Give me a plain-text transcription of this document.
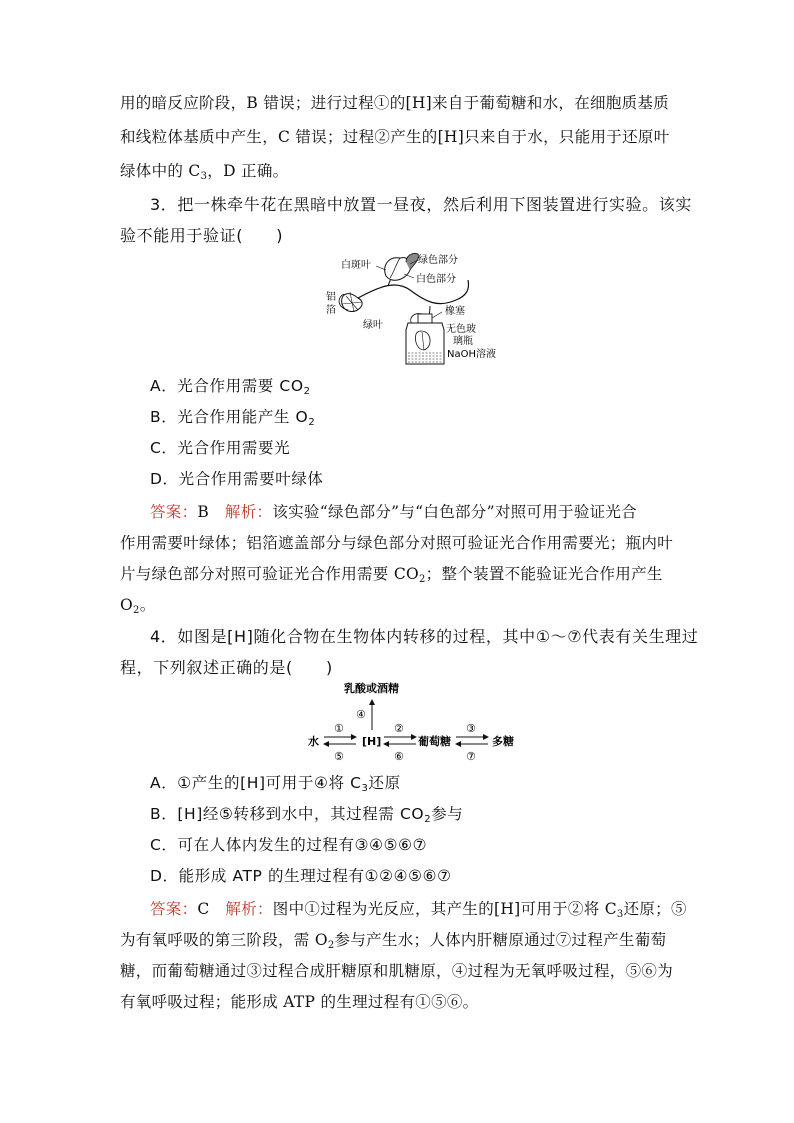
用的暗反应阶段，B 错误；进行过程①的[H]来自于葡萄糖和水，在细胞质基质
和线粒体基质中产生，C 错误；过程②产生的[H]只来自于水，只能用于还原叶
绿体中的 $C_3$，D 正确。
3．把一株牵牛花在黑暗中放置一昼夜，然后利用下图装置进行实验。该实
验不能用于验证(　　)
白斑叶	绿色部分
白色部分
铝
箔
绿叶
橡塞
无色玻
璃瓶
NaOH溶液
A．光合作用需要 $CO_2$
B．光合作用能产生 $O_2$
C．光合作用需要光
D．光合作用需要叶绿体
答案：B　 解析：该实验“绿色部分”与“白色部分”对照可用于验证光合
作用需要叶绿体；铝箔遮盖部分与绿色部分对照可验证光合作用需要光；瓶内叶
片与绿色部分对照可验证光合作用需要 $CO_2$；整个装置不能验证光合作用产生
$O_2$。
4．如图是[H]随化合物在生物体内转移的过程，其中①～⑦代表有关生理过
程，下列叙述正确的是(　　)
乳酸或酒精
④
水
①
⑤
[H]
②
⑥
葡萄糖
③
⑦
多糖
A．①产生的[H]可用于④将 $C_3$还原
B．[H]经⑤转移到水中，其过程需 $CO_2$参与
C．可在人体内发生的过程有③④⑤⑥⑦
D．能形成 ATP 的生理过程有①②④⑤⑥⑦
答案：C　 解析：图中①过程为光反应，其产生的[H]可用于②将 $C_3$还原；⑤
为有氧呼吸的第三阶段，需 $O_2$参与产生水；人体内肝糖原通过⑦过程产生葡萄
糖，而葡萄糖通过③过程合成肝糖原和肌糖原，④过程为无氧呼吸过程，⑤⑥为
有氧呼吸过程；能形成 ATP 的生理过程有①⑤⑥。
